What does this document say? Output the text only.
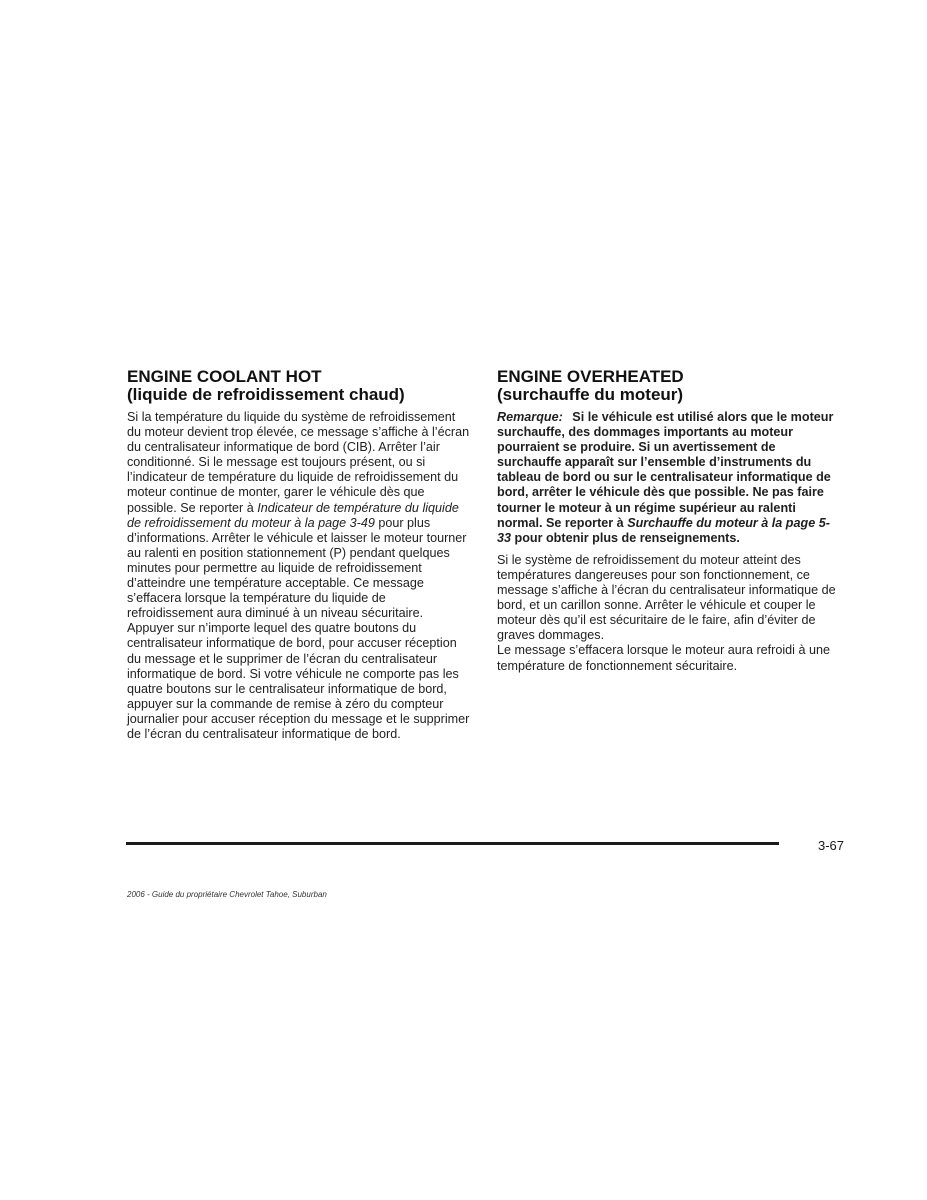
ENGINE COOLANT HOT
(liquide de refroidissement chaud)

Si la température du liquide du système de refroidissement du moteur devient trop élevée, ce message s’affiche à l’écran du centralisateur informatique de bord (CIB). Arrêter l’air conditionné. Si le message est toujours présent, ou si l’indicateur de température du liquide de refroidissement du moteur continue de monter, garer le véhicule dès que possible. Se reporter à Indicateur de température du liquide de refroidissement du moteur à la page 3-49 pour plus d’informations. Arrêter le véhicule et laisser le moteur tourner au ralenti en position stationnement (P) pendant quelques minutes pour permettre au liquide de refroidissement d’atteindre une température acceptable. Ce message s’effacera lorsque la température du liquide de refroidissement aura diminué à un niveau sécuritaire. Appuyer sur n’importe lequel des quatre boutons du centralisateur informatique de bord, pour accuser réception du message et le supprimer de l’écran du centralisateur informatique de bord. Si votre véhicule ne comporte pas les quatre boutons sur le centralisateur informatique de bord, appuyer sur la commande de remise à zéro du compteur journalier pour accuser réception du message et le supprimer de l’écran du centralisateur informatique de bord.

ENGINE OVERHEATED
(surchauffe du moteur)

Remarque: Si le véhicule est utilisé alors que le moteur surchauffe, des dommages importants au moteur pourraient se produire. Si un avertissement de surchauffe apparaît sur l’ensemble d’instruments du tableau de bord ou sur le centralisateur informatique de bord, arrêter le véhicule dès que possible. Ne pas faire tourner le moteur à un régime supérieur au ralenti normal. Se reporter à Surchauffe du moteur à la page 5-33 pour obtenir plus de renseignements.

Si le système de refroidissement du moteur atteint des températures dangereuses pour son fonctionnement, ce message s’affiche à l’écran du centralisateur informatique de bord, et un carillon sonne. Arrêter le véhicule et couper le moteur dès qu’il est sécuritaire de le faire, afin d’éviter de graves dommages.
Le message s’effacera lorsque le moteur aura refroidi à une température de fonctionnement sécuritaire.

3-67
2006 - Guide du propriétaire Chevrolet Tahoe, Suburban
